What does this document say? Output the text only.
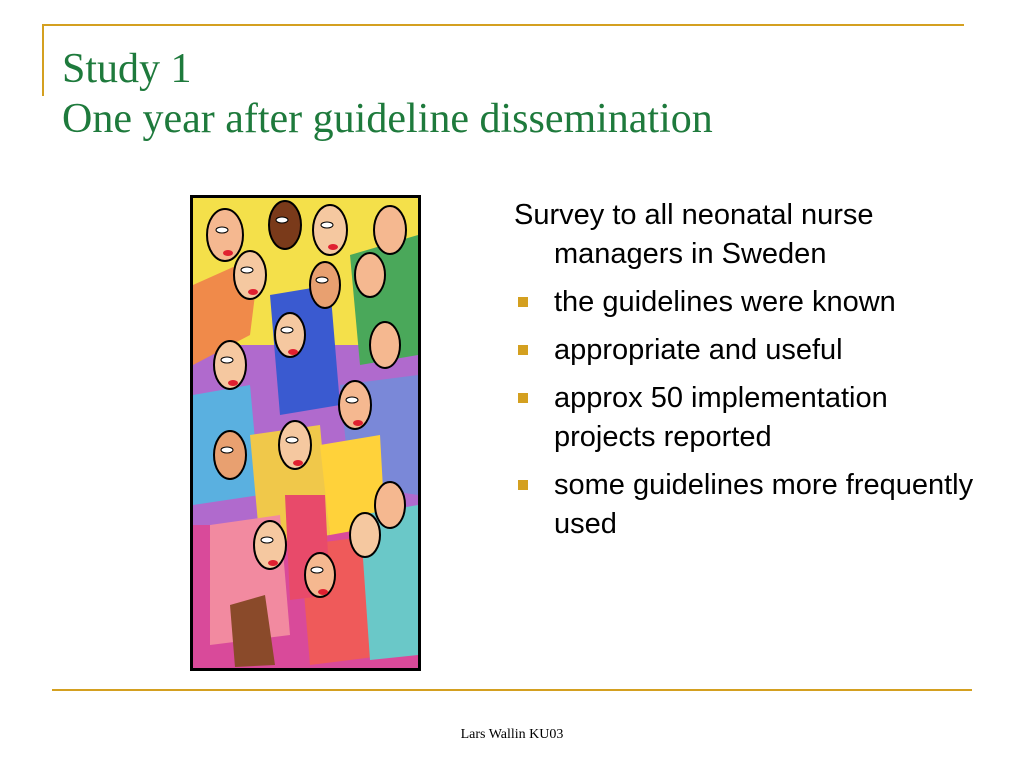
Study 1
One year after guideline dissemination
Survey to all neonatal nurse managers in Sweden
the guidelines were known
appropriate and useful
approx 50 implementation projects reported
some guidelines more frequently used
Lars Wallin KU03
